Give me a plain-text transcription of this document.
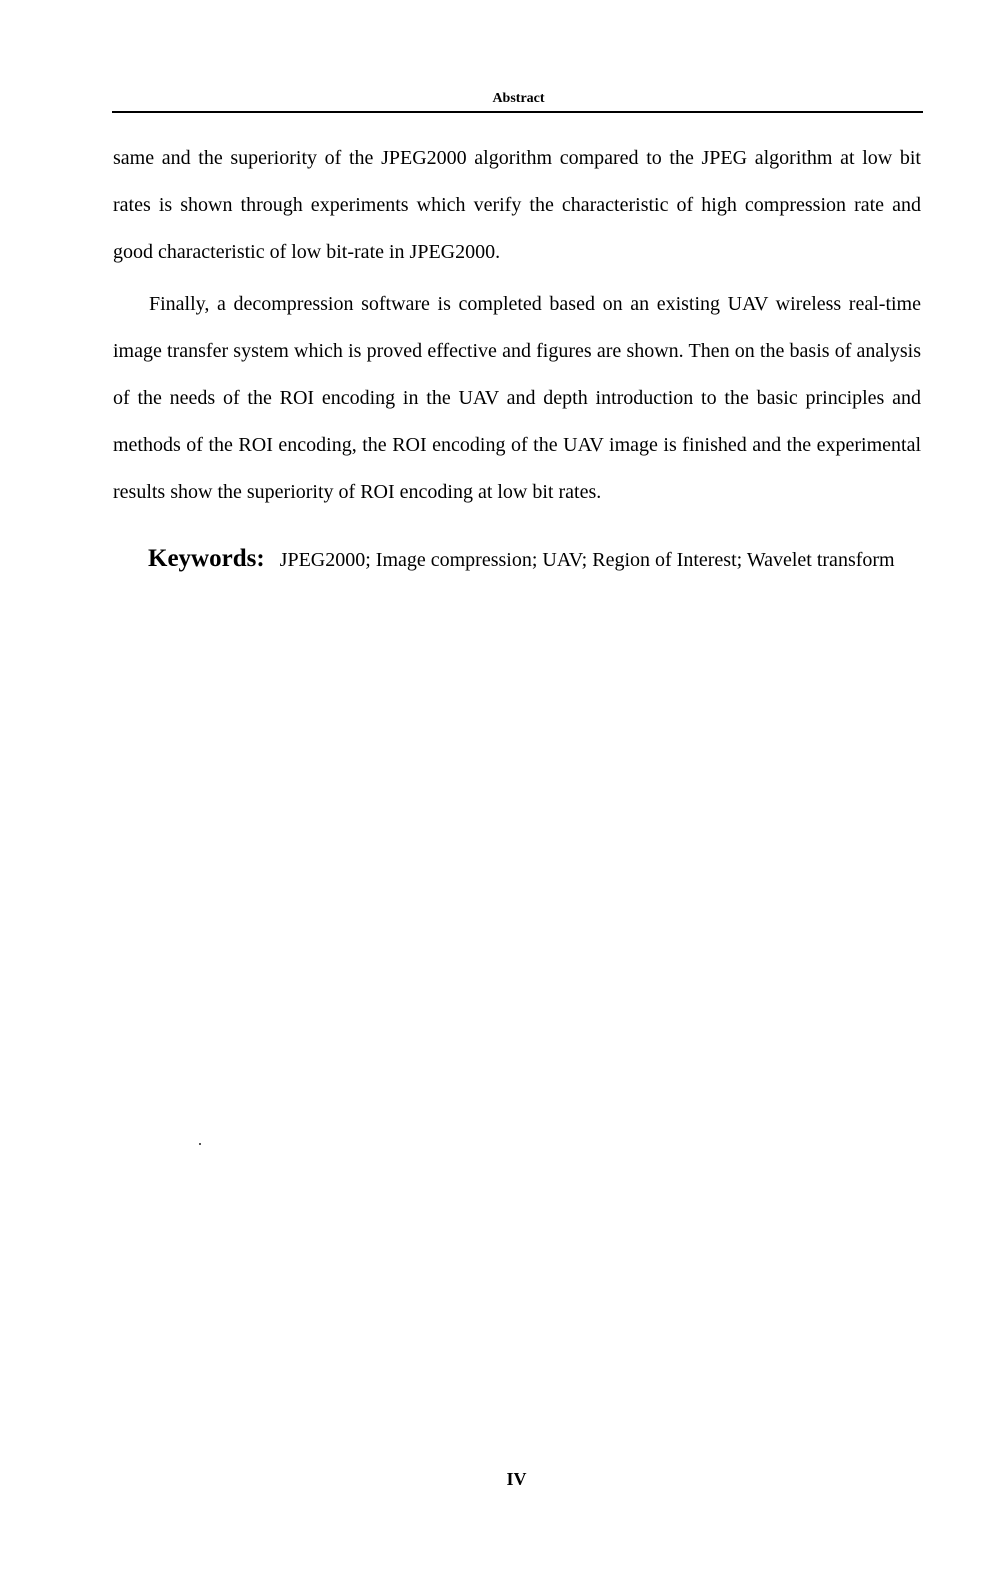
Abstract

same and the superiority of the JPEG2000 algorithm compared to the JPEG algorithm at low bit rates is shown through experiments which verify the characteristic of high compression rate and good characteristic of low bit-rate in JPEG2000.

Finally, a decompression software is completed based on an existing UAV wireless real-time image transfer system which is proved effective and figures are shown. Then on the basis of analysis of the needs of the ROI encoding in the UAV and depth introduction to the basic principles and methods of the ROI encoding, the ROI encoding of the UAV image is finished and the experimental results show the superiority of ROI encoding at low bit rates.

Keywords: JPEG2000; Image compression; UAV; Region of Interest; Wavelet transform
IV
